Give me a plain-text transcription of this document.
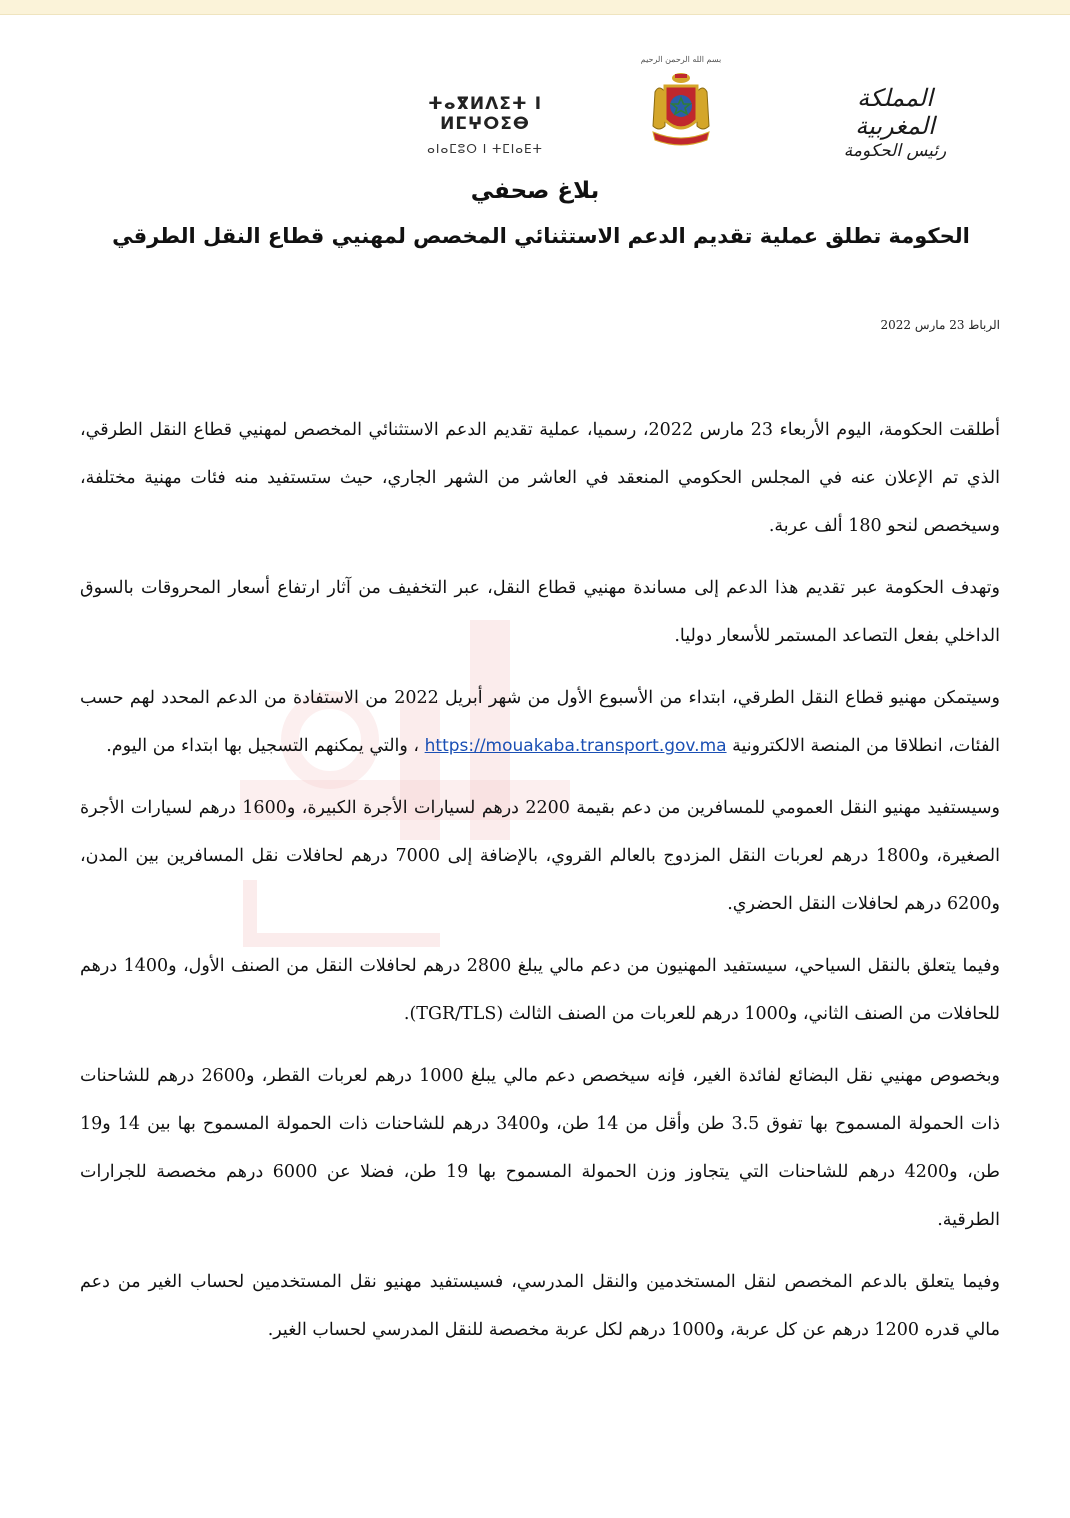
ⵜⴰⴳⵍⴷⵉⵜ ⵏ ⵍⵎⵖⵔⵉⴱ
ⴰⵏⴰⵎⵓⵔ ⵏ ⵜⵎⵏⴰⴹⵜ
بسم الله الرحمن الرحيم
المملكة المغربية
رئيس الحكومة
بلاغ صحفي
الحكومة تطلق عملية تقديم الدعم الاستثنائي المخصص لمهنيي قطاع النقل الطرقي
الرباط 23 مارس 2022

أطلقت الحكومة، اليوم الأربعاء 23 مارس 2022، رسميا، عملية تقديم الدعم الاستثنائي المخصص لمهنيي قطاع النقل الطرقي، الذي تم الإعلان عنه في المجلس الحكومي المنعقد في العاشر من الشهر الجاري، حيث ستستفيد منه فئات مهنية مختلفة، وسيخصص لنحو 180 ألف عربة.

وتهدف الحكومة عبر تقديم هذا الدعم إلى مساندة مهنيي قطاع النقل، عبر التخفيف من آثار ارتفاع أسعار المحروقات بالسوق الداخلي بفعل التصاعد المستمر للأسعار دوليا.

وسيتمكن مهنيو قطاع النقل الطرقي، ابتداء من الأسبوع الأول من شهر أبريل 2022 من الاستفادة من الدعم المحدد لهم حسب الفئات، انطلاقا من المنصة الالكترونية https://mouakaba.transport.gov.ma ، والتي يمكنهم التسجيل بها ابتداء من اليوم.

وسيستفيد مهنيو النقل العمومي للمسافرين من دعم بقيمة 2200 درهم لسيارات الأجرة الكبيرة، و1600 درهم لسيارات الأجرة الصغيرة، و1800 درهم لعربات النقل المزدوج بالعالم القروي، بالإضافة إلى 7000 درهم لحافلات نقل المسافرين بين المدن، و6200 درهم لحافلات النقل الحضري.

وفيما يتعلق بالنقل السياحي، سيستفيد المهنيون من دعم مالي يبلغ 2800 درهم لحافلات النقل من الصنف الأول، و1400 درهم للحافلات من الصنف الثاني، و1000 درهم للعربات من الصنف الثالث (TGR/TLS).

وبخصوص مهنيي نقل البضائع لفائدة الغير، فإنه سيخصص دعم مالي يبلغ 1000 درهم لعربات القطر، و2600 درهم للشاحنات ذات الحمولة المسموح بها تفوق 3.5 طن وأقل من 14 طن، و3400 درهم للشاحنات ذات الحمولة المسموح بها بين 14 و19 طن، و4200 درهم للشاحنات التي يتجاوز وزن الحمولة المسموح بها 19 طن، فضلا عن 6000 درهم مخصصة للجرارات الطرقية.

وفيما يتعلق بالدعم المخصص لنقل المستخدمين والنقل المدرسي، فسيستفيد مهنيو نقل المستخدمين لحساب الغير من دعم مالي قدره 1200 درهم عن كل عربة، و1000 درهم لكل عربة مخصصة للنقل المدرسي لحساب الغير.
